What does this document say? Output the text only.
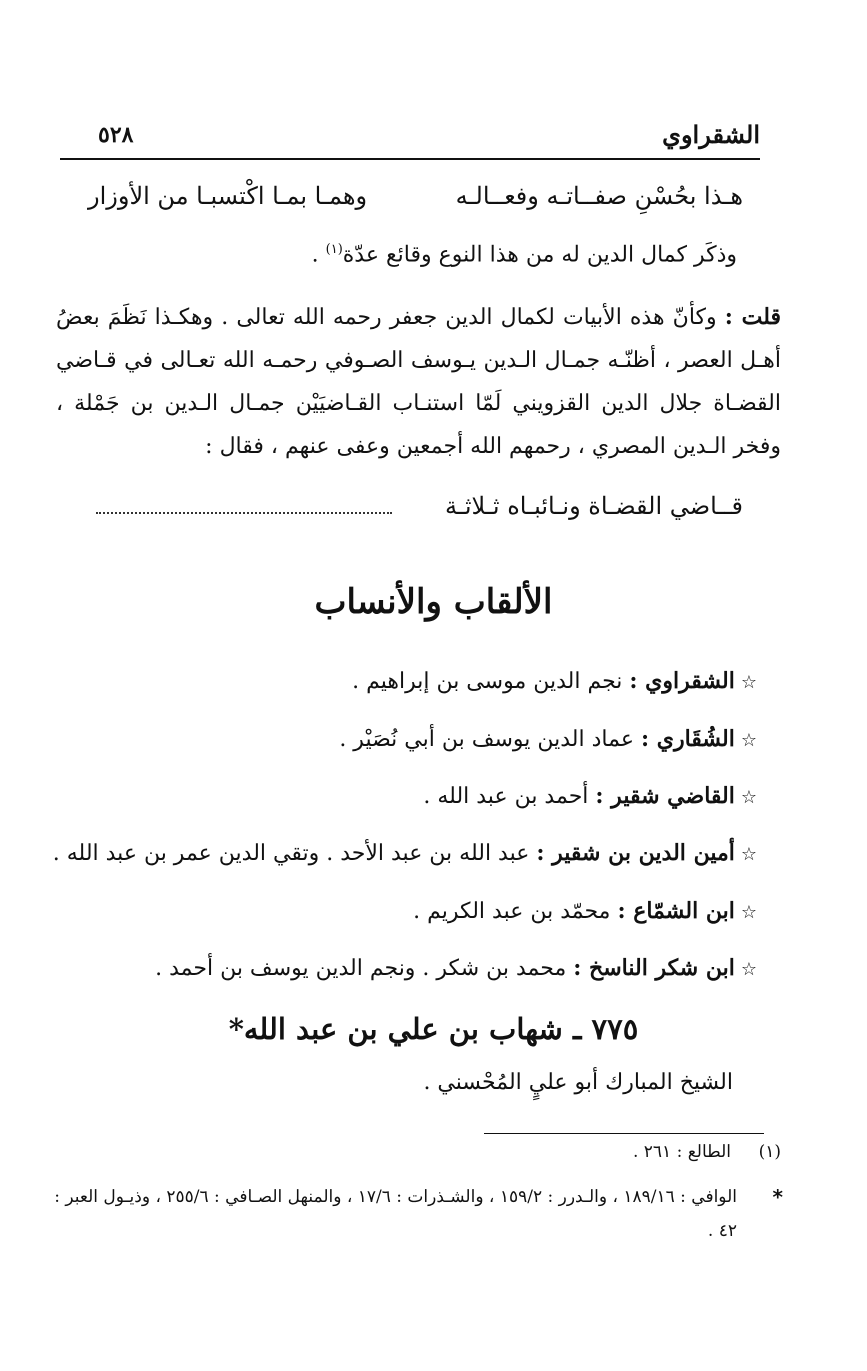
الشقراوي
٥٢٨
هـذا بحُسْنِ صفــاتـه وفعــالـه
وهمـا بمـا اكْتسبـا من الأوزار
وذكَر كمال الدين له من هذا النوع وقائع عدّة$^{(١)}$ .
قلت : وكأنّ هذه الأبيات لكمال الدين جعفر رحمه الله تعالى . وهكـذا نَظَمَ بعضُ أهـل العصر ، أظنّـه جمـال الـدين يـوسف الصـوفي رحمـه الله تعـالى في قـاضي القضـاة جلال الدين القزويني لَمّا استنـاب القـاضيَيْن جمـال الـدين بن جَمْلة ، وفخر الـدين المصري ، رحمهم الله أجمعين وعفى عنهم ، فقال :
قــاضي القضـاة ونـائبـاه ثـلاثـة
الألقاب والأنساب
☆الشقراوي : نجم الدين موسى بن إبراهيم .
☆الشُقَاري : عماد الدين يوسف بن أبي نُصَيْر .
☆القاضي شقير : أحمد بن عبد الله .
☆أمين الدين بن شقير : عبد الله بن عبد الأحد . وتقي الدين عمر بن عبد الله .
☆ابن الشمّاع : محمّد بن عبد الكريم .
☆ابن شكر الناسخ : محمد بن شكر . ونجم الدين يوسف بن أحمد .
٧٧٥ ـ شهاب بن علي بن عبد الله*
الشيخ المبارك أبو عليٍ المُحْسني .
(١)الطالع : ٢٦١ .
*
الوافي : ١٨٩/١٦ ، والـدرر : ١٥٩/٢ ، والشـذرات : ١٧/٦ ، والمنهل الصـافي : ٢٥٥/٦ ، وذيـول العبر : ٤٢ .
